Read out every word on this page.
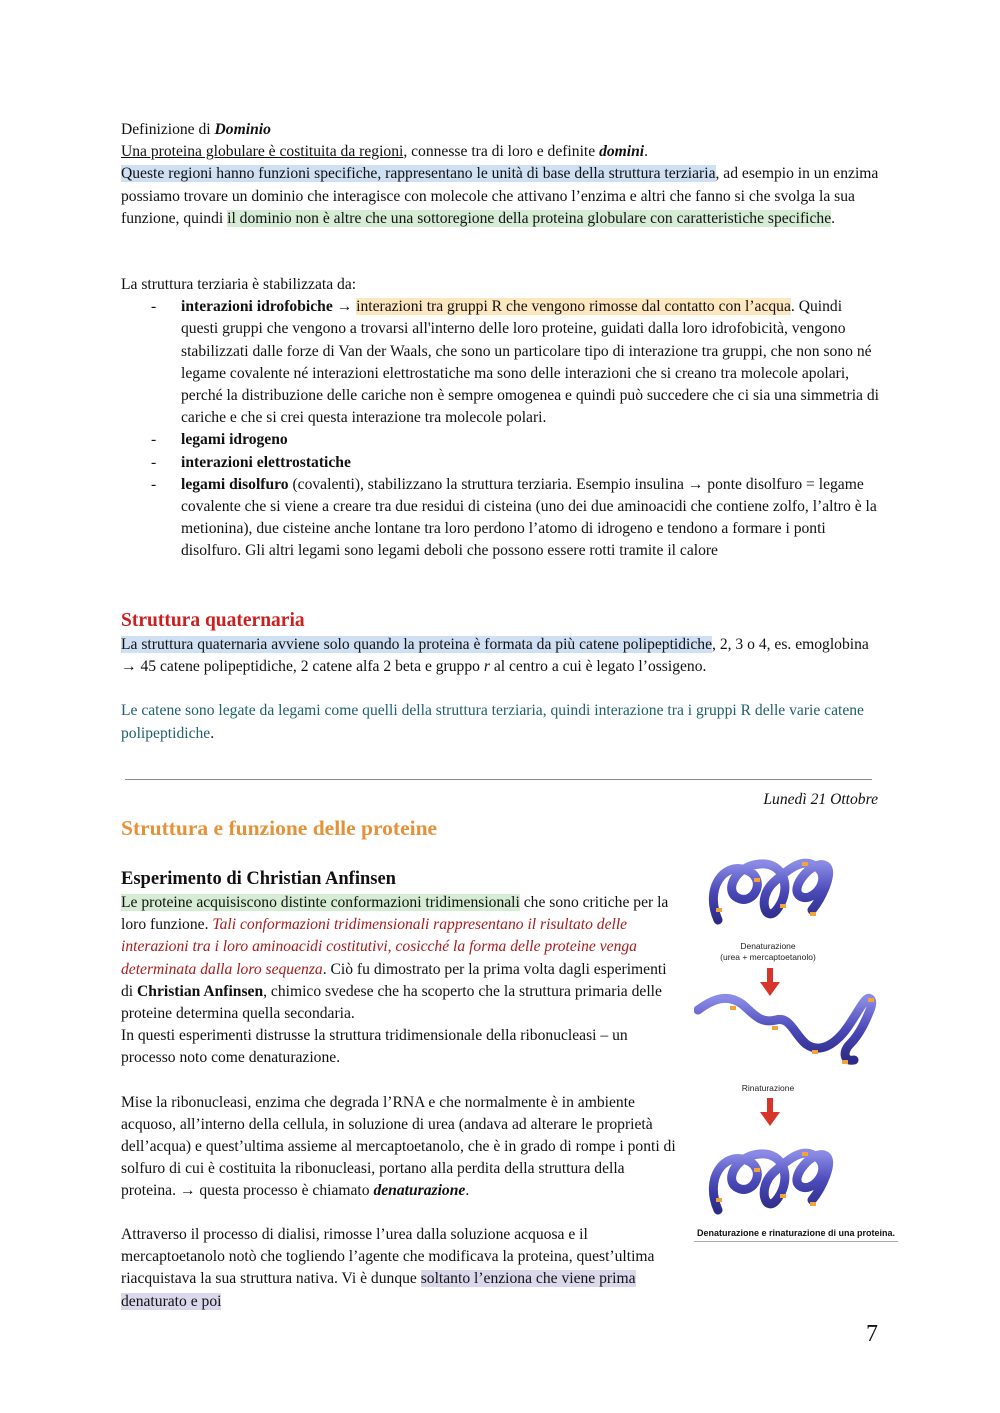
Definizione di Dominio

Una proteina globulare è costituita da regioni, connesse tra di loro e definite domini.

Queste regioni hanno funzioni specifiche, rappresentano le unità di base della struttura terziaria, ad esempio in un enzima possiamo trovare un dominio che interagisce con molecole che attivano l’enzima e altri che fanno si che svolga la sua funzione, quindi il dominio non è altre che una sottoregione della proteina globulare con caratteristiche specifiche.

La struttura terziaria è stabilizzata da:

- interazioni idrofobiche → interazioni tra gruppi R che vengono rimosse dal contatto con l’acqua. Quindi questi gruppi che vengono a trovarsi all'interno delle loro proteine, guidati dalla loro idrofobicità, vengono stabilizzati dalle forze di Van der Waals, che sono un particolare tipo di interazione tra gruppi, che non sono né legame covalente né interazioni elettrostatiche ma sono delle interazioni che si creano tra molecole apolari, perché la distribuzione delle cariche non è sempre omogenea e quindi può succedere che ci sia una simmetria di cariche e che si crei questa interazione tra molecole polari.
- legami idrogeno
- interazioni elettrostatiche
- legami disolfuro (covalenti), stabilizzano la struttura terziaria. Esempio insulina → ponte disolfuro = legame covalente che si viene a creare tra due residui di cisteina (uno dei due aminoacidi che contiene zolfo, l’altro è la metionina), due cisteine anche lontane tra loro perdono l’atomo di idrogeno e tendono a formare i ponti disolfuro. Gli altri legami sono legami deboli che possono essere rotti tramite il calore

Struttura quaternaria

La struttura quaternaria avviene solo quando la proteina è formata da più catene polipeptidiche, 2, 3 o 4, es. emoglobina → 45 catene polipeptidiche, 2 catene alfa 2 beta e gruppo r al centro a cui è legato l’ossigeno.

Le catene sono legate da legami come quelli della struttura terziaria, quindi interazione tra i gruppi R delle varie catene polipeptidiche.

Lunedì 21 Ottobre

Struttura e funzione delle proteine

Esperimento di Christian Anfinsen

Le proteine acquisiscono distinte conformazioni tridimensionali che sono critiche per la loro funzione. Tali conformazioni tridimensionali rappresentano il risultato delle interazioni tra i loro aminoacidi costitutivi, cosicché la forma delle proteine venga determinata dalla loro sequenza. Ciò fu dimostrato per la prima volta dagli esperimenti di Christian Anfinsen, chimico svedese che ha scoperto che la struttura primaria delle proteine determina quella secondaria.

In questi esperimenti distrusse la struttura tridimensionale della ribonucleasi – un processo noto come denaturazione.

Mise la ribonucleasi, enzima che degrada l’RNA e che normalmente è in ambiente acquoso, all’interno della cellula, in soluzione di urea (andava ad alterare le proprietà dell’acqua) e quest’ultima assieme al mercaptoetanolo, che è in grado di rompe i ponti di solfuro di cui è costituita la ribonucleasi, portano alla perdita della struttura della proteina. → questa processo è chiamato denaturazione.

Attraverso il processo di dialisi, rimosse l’urea dalla soluzione acquosa e il mercaptoetanolo notò che togliendo l’agente che modificava la proteina, quest’ultima riacquistava la sua struttura nativa. Vi è dunque soltanto l’enziona che viene prima denaturato e poi

Denaturazione
(urea + mercaptoetanolo)
Rinaturazione
Denaturazione e rinaturazione di una proteina.
7
